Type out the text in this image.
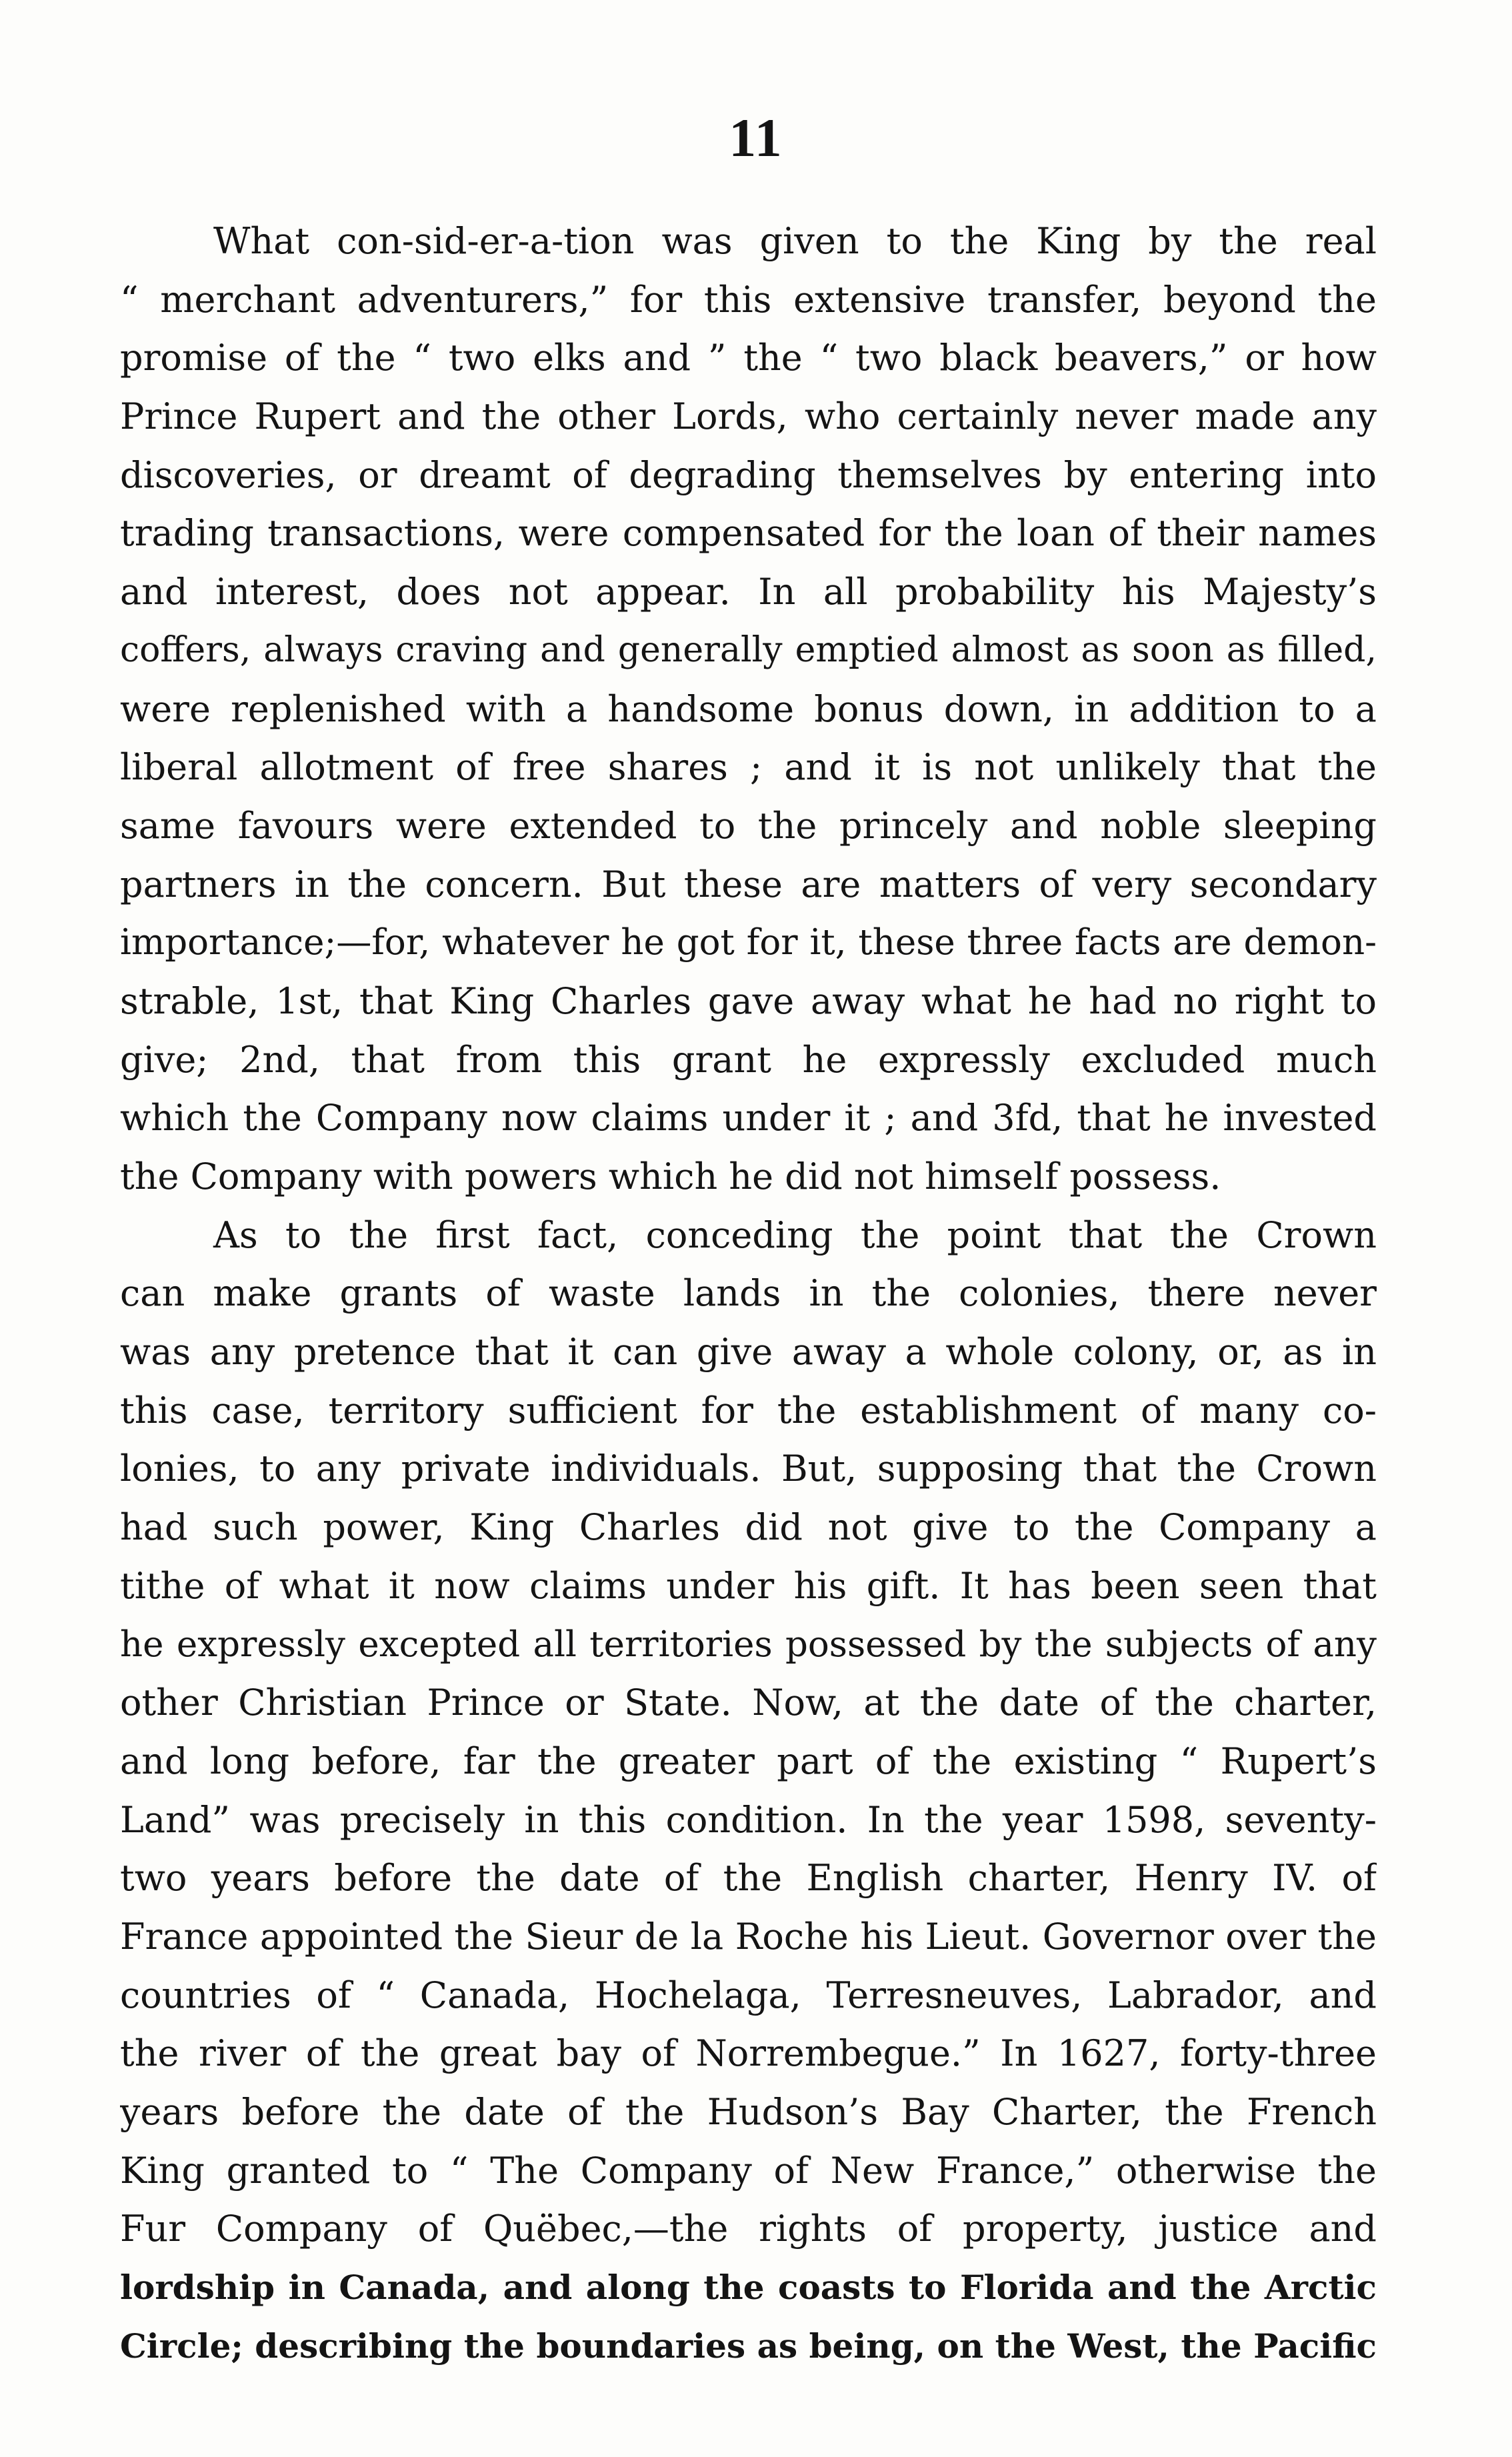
11
What con-sid-er-a-tion was given to the King by the real
“ merchant adventurers,” for this extensive transfer, beyond the
promise of the “ two elks and ” the “ two black beavers,” or how
Prince Rupert and the other Lords, who certainly never made any
discoveries, or dreamt of degrading themselves by entering into
trading transactions, were compensated for the loan of their names
and interest, does not appear. In all probability his Majesty’s
coffers, always craving and generally emptied almost as soon as filled,
were replenished with a handsome bonus down, in addition to a
liberal allotment of free shares ; and it is not unlikely that the
same favours were extended to the princely and noble sleeping
partners in the concern. But these are matters of very secondary
importance;—for, whatever he got for it, these three facts are demon-
strable, 1st, that King Charles gave away what he had no right to
give; 2nd, that from this grant he expressly excluded much
which the Company now claims under it ; and 3fd, that he invested
the Company with powers which he did not himself possess.
As to the first fact, conceding the point that the Crown
can make grants of waste lands in the colonies, there never
was any pretence that it can give away a whole colony, or, as in
this case, territory sufficient for the establishment of many co-
lonies, to any private individuals. But, supposing that the Crown
had such power, King Charles did not give to the Company a
tithe of what it now claims under his gift. It has been seen that
he expressly excepted all territories possessed by the subjects of any
other Christian Prince or State. Now, at the date of the charter,
and long before, far the greater part of the existing “ Rupert’s
Land” was precisely in this condition. In the year 1598, seventy-
two years before the date of the English charter, Henry IV. of
France appointed the Sieur de la Roche his Lieut. Governor over the
countries of “ Canada, Hochelaga, Terresneuves, Labrador, and
the river of the great bay of Norrembegue.” In 1627, forty-three
years before the date of the Hudson’s Bay Charter, the French
King granted to “ The Company of New France,” otherwise the
Fur Company of Quëbec,—the rights of property, justice and
lordship in Canada, and along the coasts to Florida and the Arctic
Circle; describing the boundaries as being, on the West, the Pacific
